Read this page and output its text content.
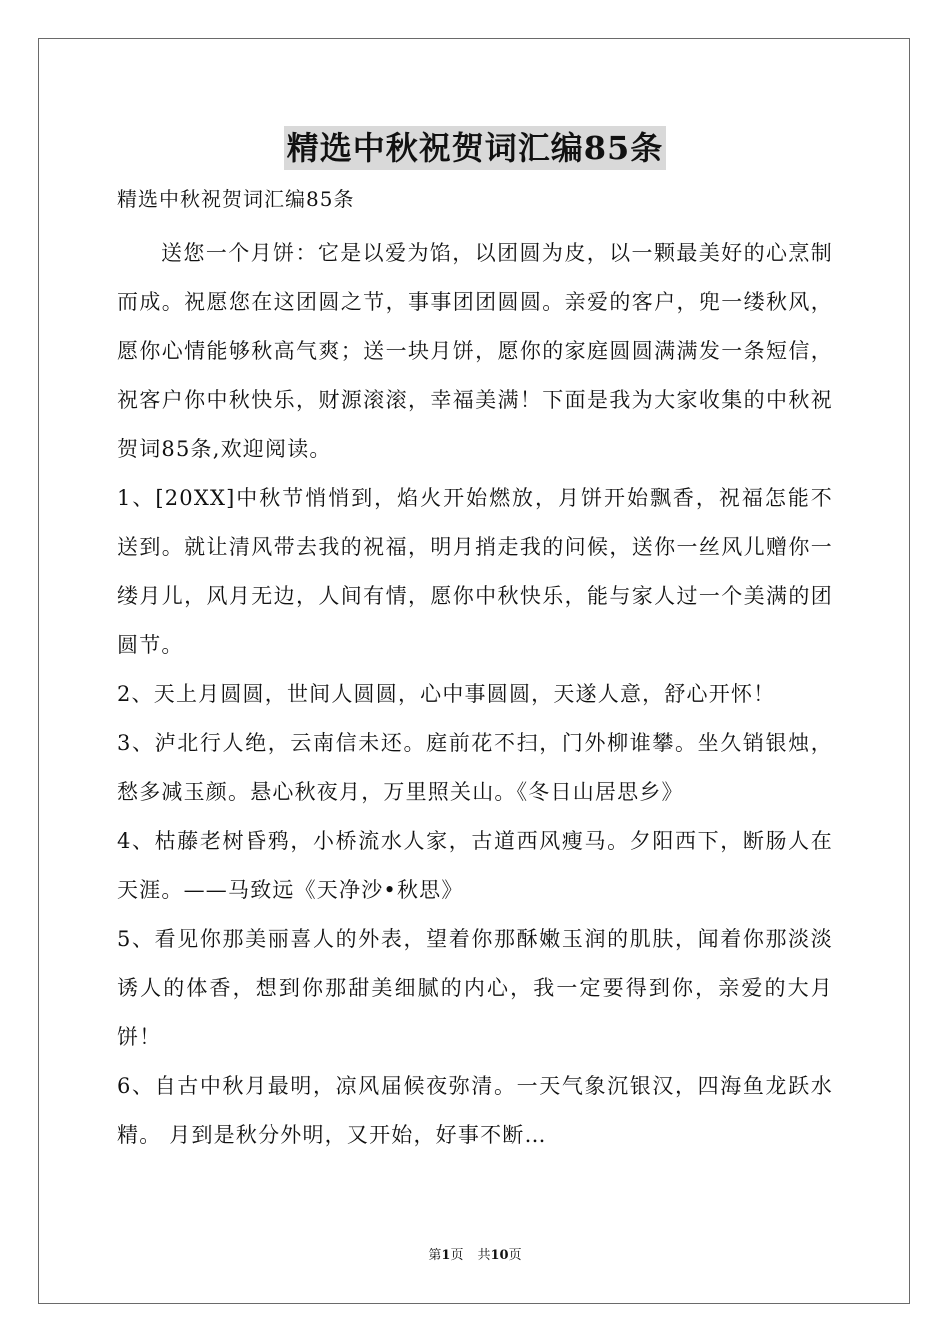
精选中秋祝贺词汇编85条
精选中秋祝贺词汇编85条

送您一个月饼：它是以爱为馅，以团圆为皮，以一颗最美好的心烹制而成。祝愿您在这团圆之节，事事团团圆圆。亲爱的客户，兜一缕秋风，愿你心情能够秋高气爽；送一块月饼，愿你的家庭圆圆满满发一条短信，祝客户你中秋快乐，财源滚滚，幸福美满！下面是我为大家收集的中秋祝贺词85条,欢迎阅读。

1、[20XX]中秋节悄悄到，焰火开始燃放，月饼开始飘香，祝福怎能不送到。就让清风带去我的祝福，明月捎走我的问候，送你一丝风儿赠你一缕月儿，风月无边，人间有情，愿你中秋快乐，能与家人过一个美满的团圆节。

2、天上月圆圆，世间人圆圆，心中事圆圆，天遂人意，舒心开怀！

3、泸北行人绝，云南信未还。庭前花不扫，门外柳谁攀。坐久销银烛，愁多减玉颜。悬心秋夜月，万里照关山。《冬日山居思乡》

4、枯藤老树昏鸦，小桥流水人家，古道西风瘦马。夕阳西下，断肠人在天涯。——马致远《天净沙•秋思》

5、看见你那美丽喜人的外表，望着你那酥嫩玉润的肌肤，闻着你那淡淡诱人的体香，想到你那甜美细腻的内心，我一定要得到你，亲爱的大月饼！

6、自古中秋月最明，凉风届候夜弥清。一天气象沉银汉，四海鱼龙跃水精。 月到是秋分外明，又开始，好事不断…

第1页 共10页
